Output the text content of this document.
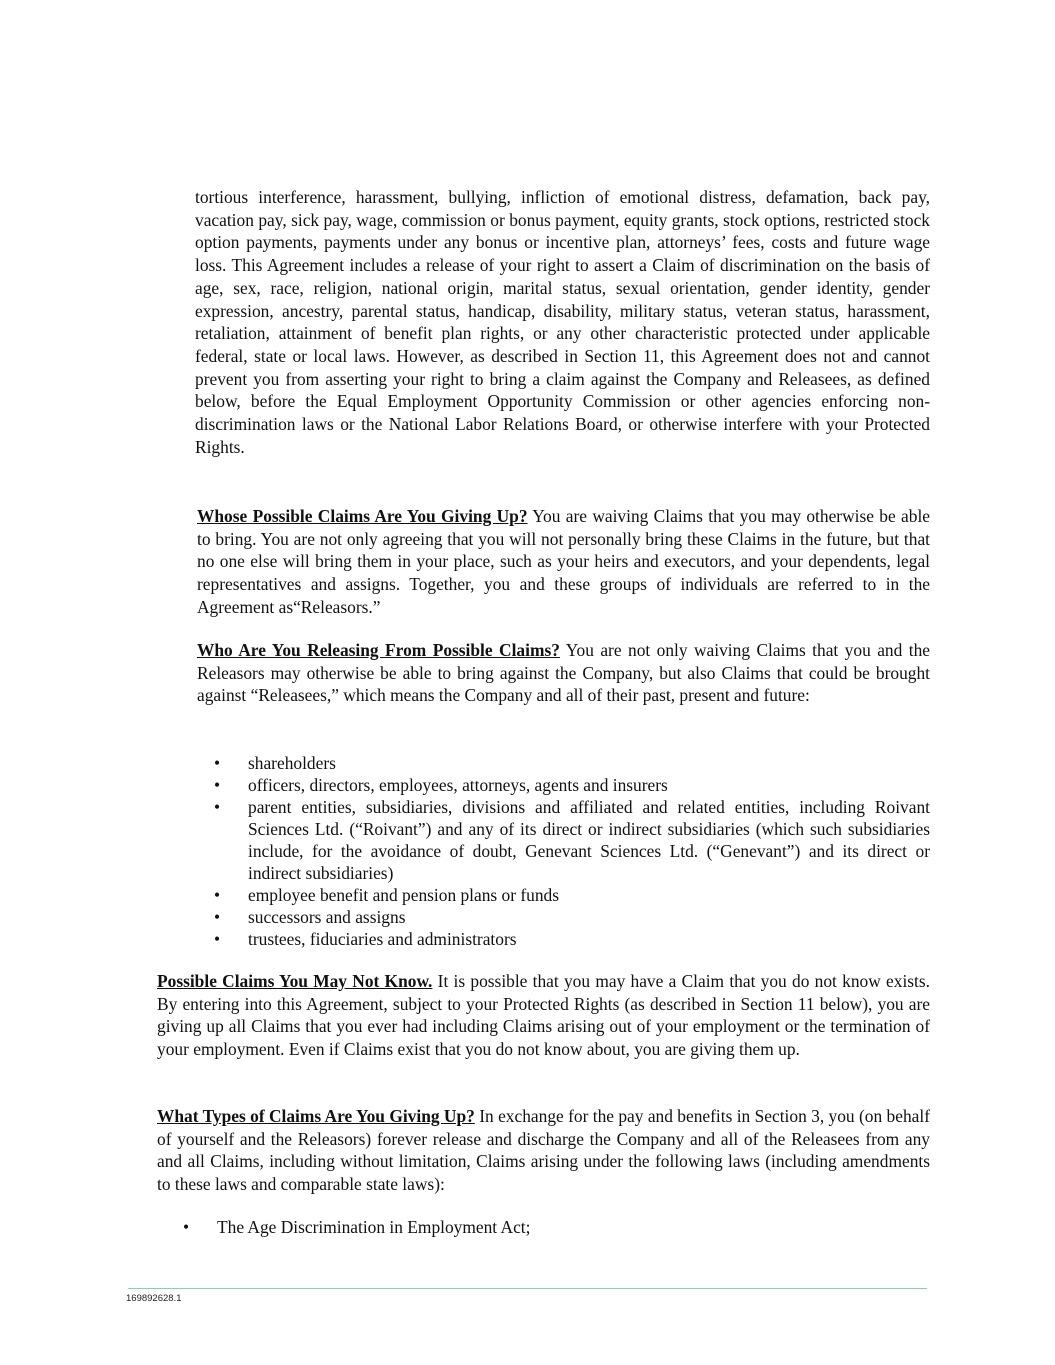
tortious interference, harassment, bullying, infliction of emotional distress, defamation, back pay, vacation pay, sick pay, wage, commission or bonus payment, equity grants, stock options, restricted stock option payments, payments under any bonus or incentive plan, attorneys’ fees, costs and future wage loss. This Agreement includes a release of your right to assert a Claim of discrimination on the basis of age, sex, race, religion, national origin, marital status, sexual orientation, gender identity, gender expression, ancestry, parental status, handicap, disability, military status, veteran status, harassment, retaliation, attainment of benefit plan rights, or any other characteristic protected under applicable federal, state or local laws. However, as described in Section 11, this Agreement does not and cannot prevent you from asserting your right to bring a claim against the Company and Releasees, as defined below, before the Equal Employment Opportunity Commission or other agencies enforcing non-discrimination laws or the National Labor Relations Board, or otherwise interfere with your Protected Rights.

Whose Possible Claims Are You Giving Up? You are waiving Claims that you may otherwise be able to bring. You are not only agreeing that you will not personally bring these Claims in the future, but that no one else will bring them in your place, such as your heirs and executors, and your dependents, legal representatives and assigns. Together, you and these groups of individuals are referred to in the Agreement as“Releasors.”

Who Are You Releasing From Possible Claims? You are not only waiving Claims that you and the Releasors may otherwise be able to bring against the Company, but also Claims that could be brought against “Releasees,” which means the Company and all of their past, present and future:

• shareholders
• officers, directors, employees, attorneys, agents and insurers
• parent entities, subsidiaries, divisions and affiliated and related entities, including Roivant Sciences Ltd. (“Roivant”) and any of its direct or indirect subsidiaries (which such subsidiaries include, for the avoidance of doubt, Genevant Sciences Ltd. (“Genevant”) and its direct or indirect subsidiaries)
• employee benefit and pension plans or funds
• successors and assigns
• trustees, fiduciaries and administrators

Possible Claims You May Not Know. It is possible that you may have a Claim that you do not know exists. By entering into this Agreement, subject to your Protected Rights (as described in Section 11 below), you are giving up all Claims that you ever had including Claims arising out of your employment or the termination of your employment. Even if Claims exist that you do not know about, you are giving them up.

What Types of Claims Are You Giving Up? In exchange for the pay and benefits in Section 3, you (on behalf of yourself and the Releasors) forever release and discharge the Company and all of the Releasees from any and all Claims, including without limitation, Claims arising under the following laws (including amendments to these laws and comparable state laws):

• The Age Discrimination in Employment Act;
169892628.1
